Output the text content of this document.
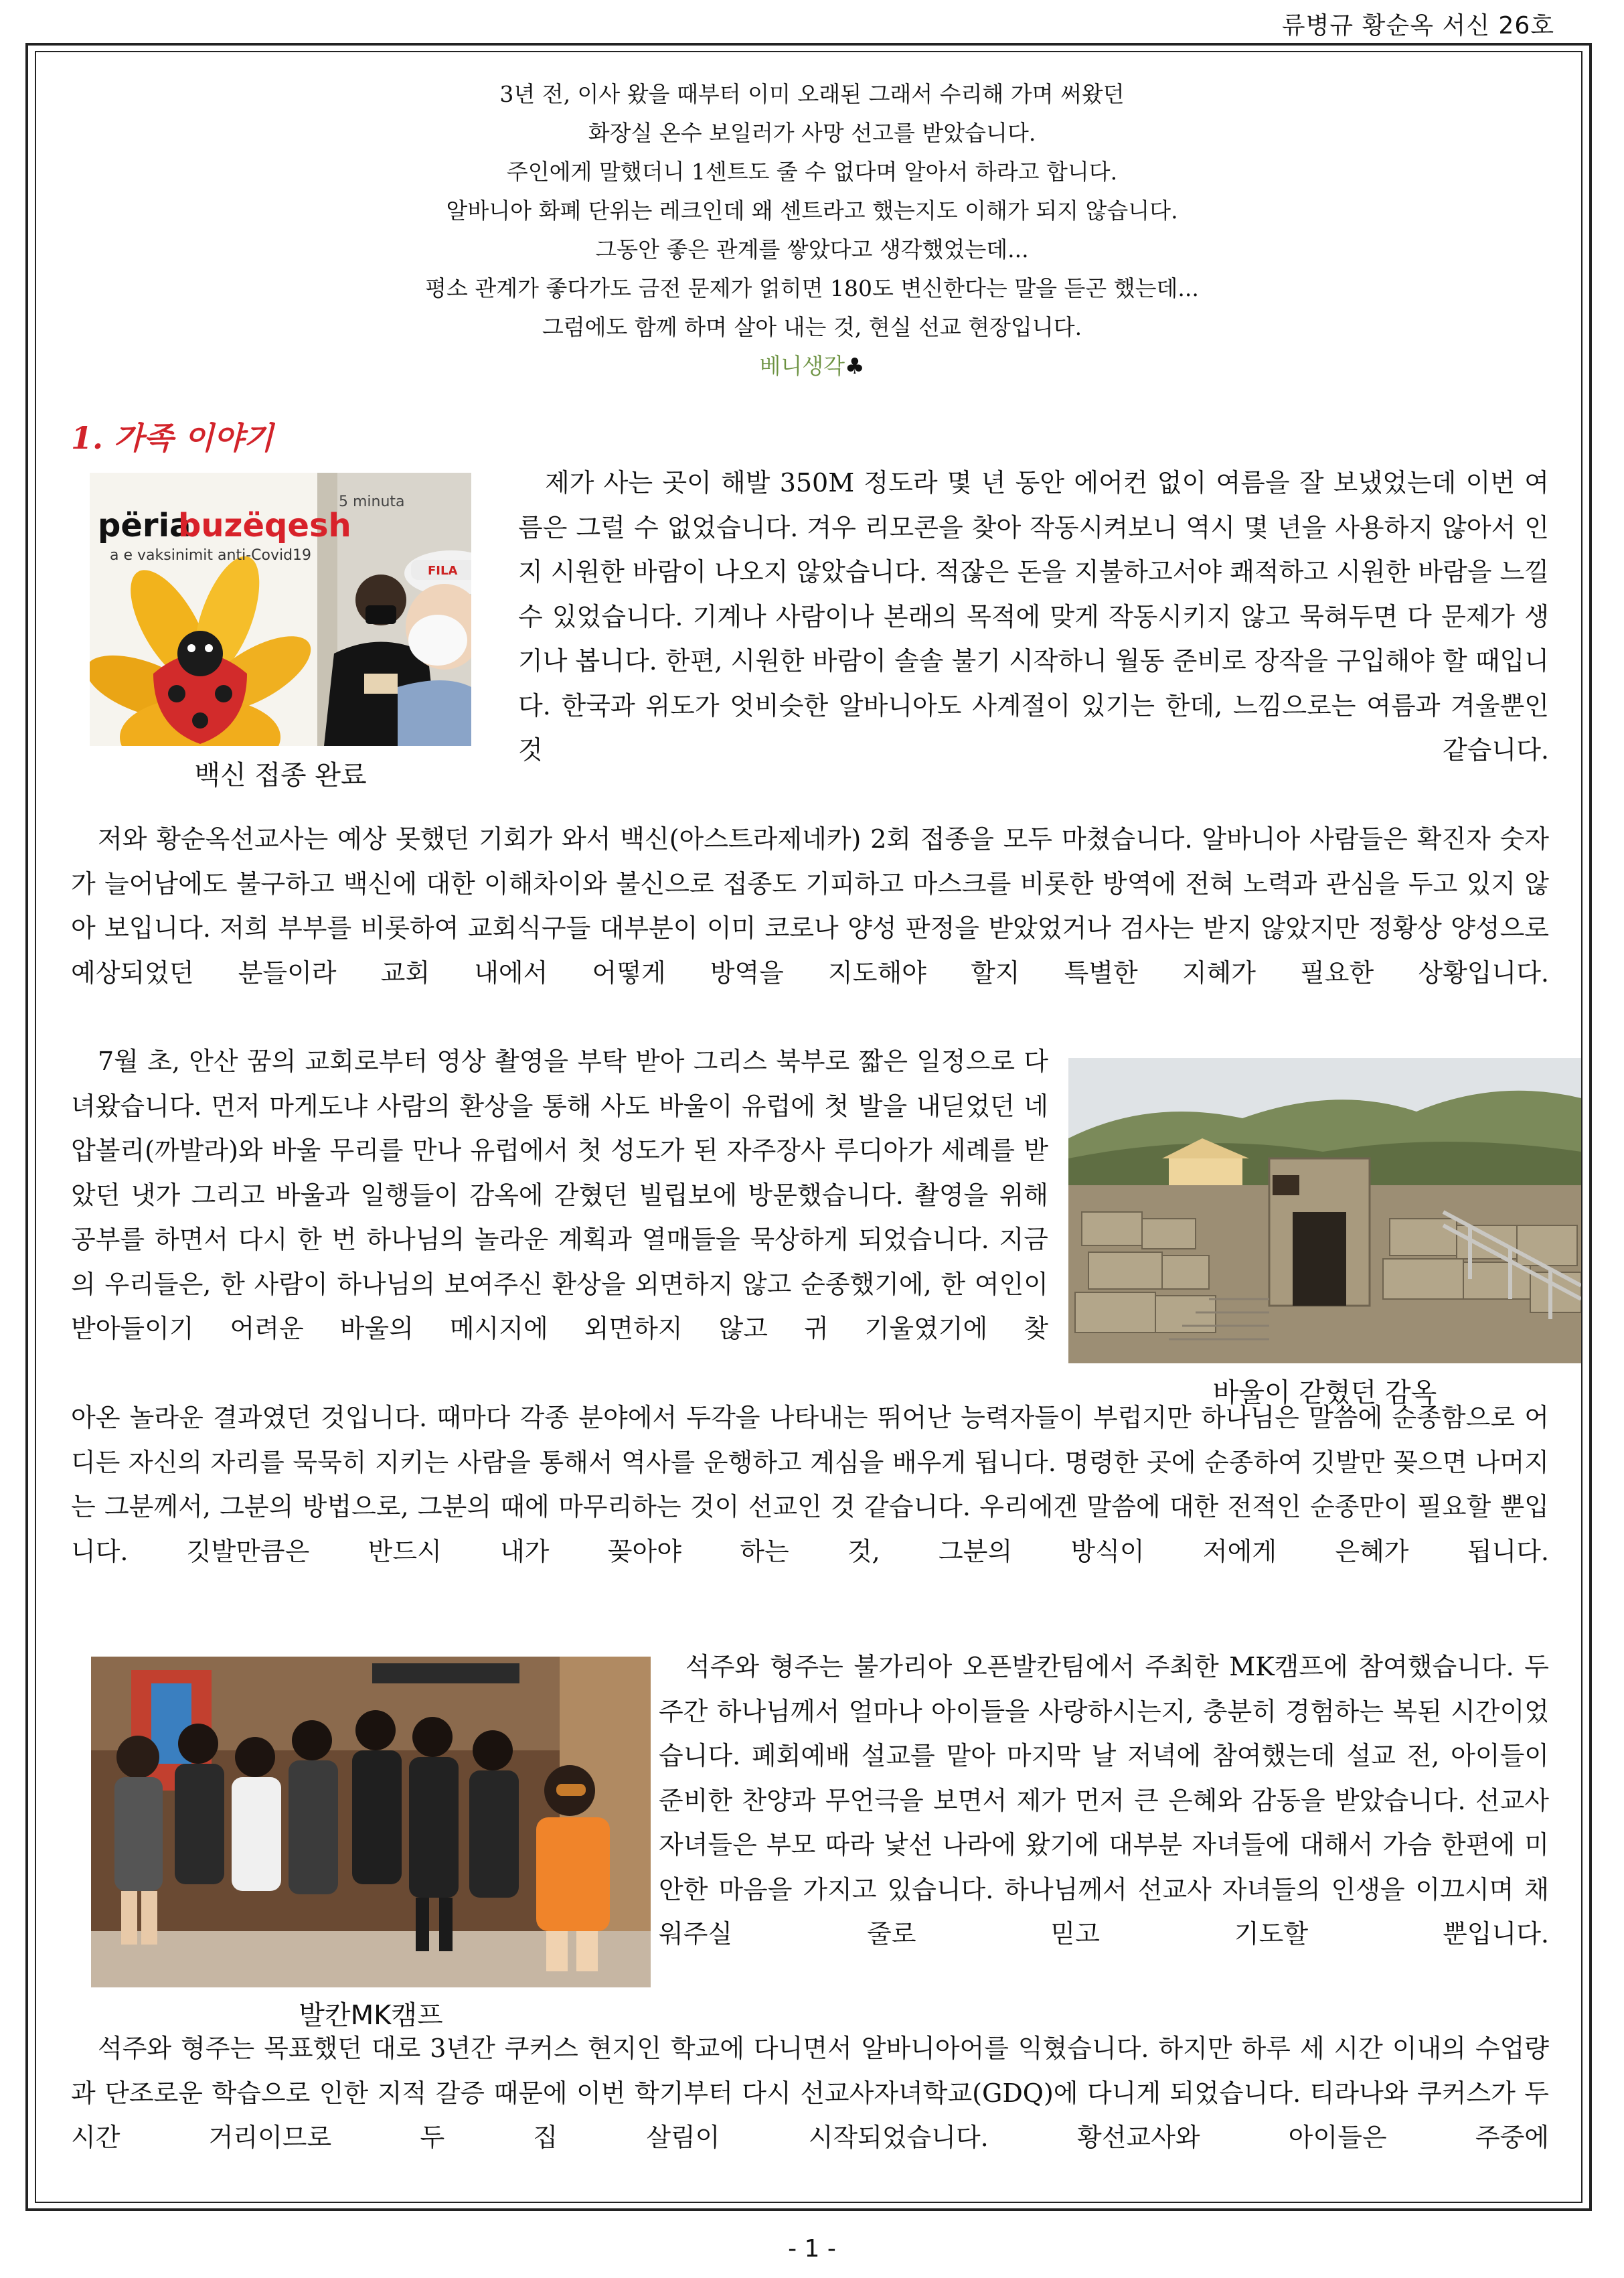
류병규 황순옥 서신 26호
3년 전, 이사 왔을 때부터 이미 오래된 그래서 수리해 가며 써왔던
화장실 온수 보일러가 사망 선고를 받았습니다.
주인에게 말했더니 1센트도 줄 수 없다며 알아서 하라고 합니다.
알바니아 화폐 단위는 레크인데 왜 센트라고 했는지도 이해가 되지 않습니다.
그동안 좋은 관계를 쌓았다고 생각했었는데...
평소 관계가 좋다가도 금전 문제가 얽히면 180도 변신한다는 말을 듣곤 했는데...
그럼에도 함께 하며 살아 내는 것, 현실 선교 현장입니다.
베니생각♣
1. 가족 이야기
përia
buzëqesh
a e vaksinimit anti-Covid19
5 minuta
FILA
백신 접종 완료

제가 사는 곳이 해발 350M 정도라 몇 년 동안 에어컨 없이 여름을 잘 보냈었는데 이번 여름은 그럴 수 없었습니다. 겨우 리모콘을 찾아 작동시켜보니 역시 몇 년을 사용하지 않아서 인지 시원한 바람이 나오지 않았습니다. 적잖은 돈을 지불하고서야 쾌적하고 시원한 바람을 느낄 수 있었습니다. 기계나 사람이나 본래의 목적에 맞게 작동시키지 않고 묵혀두면 다 문제가 생기나 봅니다. 한편, 시원한 바람이 솔솔 불기 시작하니 월동 준비로 장작을 구입해야 할 때입니다. 한국과 위도가 엇비슷한 알바니아도 사계절이 있기는 한데, 느낌으로는 여름과 겨울뿐인 것 같습니다.

저와 황순옥선교사는 예상 못했던 기회가 와서 백신(아스트라제네카) 2회 접종을 모두 마쳤습니다. 알바니아 사람들은 확진자 숫자가 늘어남에도 불구하고 백신에 대한 이해차이와 불신으로 접종도 기피하고 마스크를 비롯한 방역에 전혀 노력과 관심을 두고 있지 않아 보입니다. 저희 부부를 비롯하여 교회식구들 대부분이 이미 코로나 양성 판정을 받았었거나 검사는 받지 않았지만 정황상 양성으로 예상되었던 분들이라 교회 내에서 어떻게 방역을 지도해야 할지 특별한 지혜가 필요한 상황입니다.

바울이 갇혔던 감옥

7월 초, 안산 꿈의 교회로부터 영상 촬영을 부탁 받아 그리스 북부로 짧은 일정으로 다녀왔습니다. 먼저 마게도냐 사람의 환상을 통해 사도 바울이 유럽에 첫 발을 내딛었던 네압볼리(까발라)와 바울 무리를 만나 유럽에서 첫 성도가 된 자주장사 루디아가 세례를 받았던 냇가 그리고 바울과 일행들이 감옥에 갇혔던 빌립보에 방문했습니다. 촬영을 위해 공부를 하면서 다시 한 번 하나님의 놀라운 계획과 열매들을 묵상하게 되었습니다. 지금의 우리들은, 한 사람이 하나님의 보여주신 환상을 외면하지 않고 순종했기에, 한 여인이 받아들이기 어려운 바울의 메시지에 외면하지 않고 귀 기울였기에 찾

아온 놀라운 결과였던 것입니다. 때마다 각종 분야에서 두각을 나타내는 뛰어난 능력자들이 부럽지만 하나님은 말씀에 순종함으로 어디든 자신의 자리를 묵묵히 지키는 사람을 통해서 역사를 운행하고 계심을 배우게 됩니다. 명령한 곳에 순종하여 깃발만 꽂으면 나머지는 그분께서, 그분의 방법으로, 그분의 때에 마무리하는 것이 선교인 것 같습니다. 우리에겐 말씀에 대한 전적인 순종만이 필요할 뿐입니다. 깃발만큼은 반드시 내가 꽂아야 하는 것, 그분의 방식이 저에게 은혜가 됩니다.

발칸MK캠프

석주와 형주는 불가리아 오픈발칸팀에서 주최한 MK캠프에 참여했습니다. 두 주간 하나님께서 얼마나 아이들을 사랑하시는지, 충분히 경험하는 복된 시간이었습니다. 폐회예배 설교를 맡아 마지막 날 저녁에 참여했는데 설교 전, 아이들이 준비한 찬양과 무언극을 보면서 제가 먼저 큰 은혜와 감동을 받았습니다. 선교사 자녀들은 부모 따라 낯선 나라에 왔기에 대부분 자녀들에 대해서 가슴 한편에 미안한 마음을 가지고 있습니다. 하나님께서 선교사 자녀들의 인생을 이끄시며 채워주실 줄로 믿고 기도할 뿐입니다.

석주와 형주는 목표했던 대로 3년간 쿠커스 현지인 학교에 다니면서 알바니아어를 익혔습니다. 하지만 하루 세 시간 이내의 수업량과 단조로운 학습으로 인한 지적 갈증 때문에 이번 학기부터 다시 선교사자녀학교(GDQ)에 다니게 되었습니다. 티라나와 쿠커스가 두 시간 거리이므로 두 집 살림이 시작되었습니다. 황선교사와 아이들은 주중에

- 1 -
